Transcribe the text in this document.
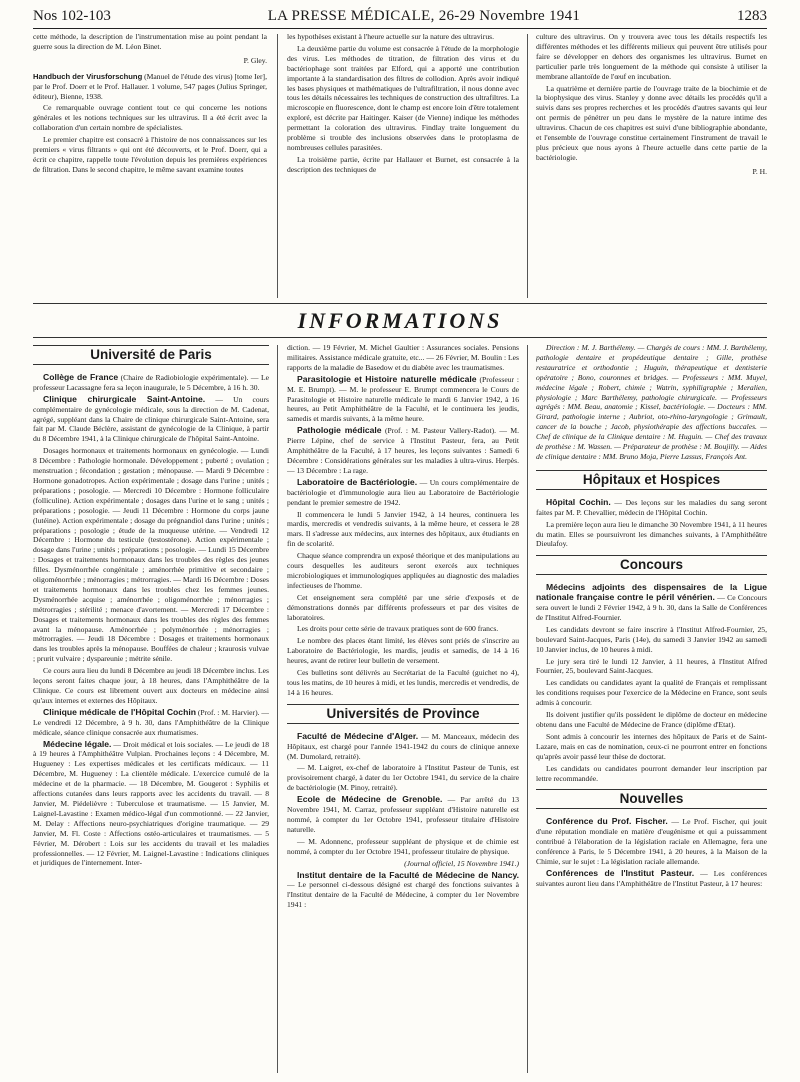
Nos 102-103	LA PRESSE MÉDICALE, 26-29 Novembre 1941	1283

cette méthode, la description de l'instrumentation mise au point pendant la guerre sous la direction de M. Léon Binet.

P. Gley.

Handbuch der Virusforschung (Manuel de l'étude des virus) [tome Ier], par le Prof. Doerr et le Prof. Hallauer. 1 volume, 547 pages (Julius Springer, éditeur), Bienne, 1938.

Ce remarquable ouvrage contient tout ce qui concerne les notions générales et les notions techniques sur les ultravirus. Il a été écrit avec la collaboration d'un certain nombre de spécialistes.

Le premier chapitre est consacré à l'histoire de nos connaissances sur les premiers « virus filtrants » qui ont été découverts, et le Prof. Doerr, qui a écrit ce chapitre, rappelle toute l'évolution depuis les premières expériences de filtration. Dans le second chapitre, le même savant examine toutes

les hypothèses existant à l'heure actuelle sur la nature des ultravirus.

La deuxième partie du volume est consacrée à l'étude de la morphologie des virus. Les méthodes de titration, de filtration des virus et du bactériophage sont traitées par Elford, qui a apporté une contribution importante à la standardisation des filtres de collodion. Après avoir indiqué les bases physiques et mathématiques de l'ultrafiltration, il nous donne avec tous les détails nécessaires les techniques de construction des ultrafiltres. La microscopie en fluorescence, dont le champ est encore loin d'être totalement exploré, est décrite par Haitinger. Kaiser (de Vienne) indique les méthodes permettant la coloration des ultravirus. Findlay traite longuement du problème si trouble des inclusions observées dans le protoplasma de nombreuses cellules parasitées.

La troisième partie, écrite par Hallauer et Burnet, est consacrée à la description des techniques de

culture des ultravirus. On y trouvera avec tous les détails respectifs les différentes méthodes et les différents milieux qui peuvent être utilisés pour faire se développer en dehors des organismes les ultravirus. Burnet en particulier parle très longuement de la méthode qui consiste à utiliser la membrane allantoïde de l'œuf en incubation.

La quatrième et dernière partie de l'ouvrage traite de la biochimie et de la biophysique des virus. Stanley y donne avec détails les procédés qu'il a suivis dans ses propres recherches et les procédés d'autres savants qui leur ont permis de pénétrer un peu dans le mystère de la nature intime des ultravirus. Chacun de ces chapitres est suivi d'une bibliographie abondante, et l'ensemble de l'ouvrage constitue certainement l'instrument de travail le plus précieux que nous ayons à l'heure actuelle dans cette partie de la bactériologie.

P. H.
INFORMATIONS
Université de Paris

Collège de France (Chaire de Radiobiologie expérimentale). — Le professeur Lacassagne fera sa leçon inaugurale, le 5 Décembre, à 16 h. 30.

Clinique chirurgicale Saint-Antoine. — Un cours complémentaire de gynécologie médicale, sous la direction de M. Cadenat, agrégé, suppléant dans la Chaire de clinique chirurgicale Saint-Antoine, sera fait par M. Claude Béclère, assistant de gynécologie de la Clinique, à partir du 8 Décembre 1941, à la Clinique chirurgicale de l'hôpital Saint-Antoine.

Dosages hormonaux et traitements hormonaux en gynécologie. — Lundi 8 Décembre : Pathologie hormonale. Développement ; puberté ; ovulation ; menstruation ; fécondation ; gestation ; ménopause. — Mardi 9 Décembre : Hormone gonadotropes. Action expérimentale ; dosage dans l'urine ; unités ; préparations ; posologie. — Mercredi 10 Décembre : Hormone folliculaire (folliculine). Action expérimentale ; dosages dans l'urine et le sang ; unités ; préparations ; posologie. — Jeudi 11 Décembre : Hormone du corps jaune (lutéine). Action expérimentale ; dosage du prégnandiol dans l'urine ; unités ; préparations ; posologie ; étude de la muqueuse utérine. — Vendredi 12 Décembre : Hormone du testicule (testostérone). Action expérimentale ; dosage dans l'urine ; unités ; préparations ; posologie. — Lundi 15 Décembre : Dosages et traitements hormonaux dans les troubles des règles des jeunes filles. Dysménorrhée congénitale ; aménorrhée primitive et secondaire ; oligoménorrhée ; ménorragies ; métrorragies. — Mardi 16 Décembre : Doses et traitements hormonaux dans les troubles chez les femmes jeunes. Dysménorrhée acquise ; aménorrhée ; oligoménorrhée ; ménorragies ; métrorragies ; stérilité ; menace d'avortement. — Mercredi 17 Décembre : Dosages et traitements hormonaux dans les troubles des règles des femmes avant la ménopause. Aménorrhée ; polyménorrhée ; ménorragies ; métrorragies. — Jeudi 18 Décembre : Dosages et traitements hormonaux dans les troubles après la ménopause. Bouffées de chaleur ; kraurosis vulvae ; prurit vulvaire ; dyspareunie ; métrite sénile.

Ce cours aura lieu du lundi 8 Décembre au jeudi 18 Décembre inclus. Les leçons seront faites chaque jour, à 18 heures, dans l'Amphithéâtre de la Clinique. Ce cours est librement ouvert aux docteurs en médecine ainsi qu'aux internes et externes des Hôpitaux.

Clinique médicale de l'Hôpital Cochin (Prof. : M. Harvier). — Le vendredi 12 Décembre, à 9 h. 30, dans l'Amphithéâtre de la Clinique médicale, séance clinique consacrée aux rhumatismes.

Médecine légale. — Droit médical et lois sociales. — Le jeudi de 18 à 19 heures à l'Amphithéâtre Vulpian. Prochaines leçons : 4 Décembre, M. Hugueney : Les expertises médicales et les certificats médicaux. — 11 Décembre, M. Hugueney : La clientèle médicale. L'exercice cumulé de la médecine et de la pharmacie. — 18 Décembre, M. Gougerot : Syphilis et affections cutanées dans leurs rapports avec les accidents du travail. — 8 Janvier, M. Piédelièvre : Tuberculose et traumatisme. — 15 Janvier, M. Laignel-Lavastine : Examen médico-légal d'un commotionné. — 22 Janvier, M. Delay : Affections neuro-psychiatriques d'origine traumatique. — 29 Janvier, M. Fl. Coste : Affections ostéo-articulaires et traumatismes. — 5 Février, M. Dérobert : Lois sur les accidents du travail et les maladies professionnelles. — 12 Février, M. Laignel-Lavastine : Indications cliniques et juridiques de l'internement. Inter-

diction. — 19 Février, M. Michel Gaultier : Assurances sociales. Pensions militaires. Assistance médicale gratuite, etc... — 26 Février, M. Boulin : Les rapports de la maladie de Basedow et du diabète avec les traumatismes.

Parasitologie et Histoire naturelle médicale (Professeur : M. E. Brumpt). — M. le professeur E. Brumpt commencera le Cours de Parasitologie et Histoire naturelle médicale le mardi 6 Janvier 1942, à 16 heures, au Petit Amphithéâtre de la Faculté, et le continuera les jeudis, samedis et mardis suivants, à la même heure.

Pathologie médicale (Prof. : M. Pasteur Vallery-Radot). — M. Pierre Lépine, chef de service à l'Institut Pasteur, fera, au Petit Amphithéâtre de la Faculté, à 17 heures, les leçons suivantes : Samedi 6 Décembre : Considérations générales sur les maladies à ultra-virus. Herpès. — 13 Décembre : La rage.

Laboratoire de Bactériologie. — Un cours complémentaire de bactériologie et d'immunologie aura lieu au Laboratoire de Bactériologie pendant le premier semestre de 1942.

Il commencera le lundi 5 Janvier 1942, à 14 heures, continuera les mardis, mercredis et vendredis suivants, à la même heure, et cessera le 28 mars. Il s'adresse aux médecins, aux internes des hôpitaux, aux étudiants en fin de scolarité.

Chaque séance comprendra un exposé théorique et des manipulations au cours desquelles les auditeurs seront exercés aux techniques microbiologiques et immunologiques appliquées au diagnostic des maladies infectieuses de l'homme.

Cet enseignement sera complété par une série d'exposés et de démonstrations donnés par différents professeurs et par des visites de laboratoires.

Les droits pour cette série de travaux pratiques sont de 600 francs.

Le nombre des places étant limité, les élèves sont priés de s'inscrire au Laboratoire de Bactériologie, les mardis, jeudis et samedis, de 14 à 16 heures, avant de retirer leur bulletin de versement.

Ces bulletins sont délivrés au Secrétariat de la Faculté (guichet no 4), tous les matins, de 10 heures à midi, et les lundis, mercredis et vendredis, de 14 à 16 heures.

Universités de Province

Faculté de Médecine d'Alger. — M. Manceaux, médecin des Hôpitaux, est chargé pour l'année 1941-1942 du cours de clinique annexe (M. Dumolard, retraité).

— M. Laigret, ex-chef de laboratoire à l'Institut Pasteur de Tunis, est provisoirement chargé, à dater du 1er Octobre 1941, du service de la chaire de bactériologie (M. Pinoy, retraité).

Ecole de Médecine de Grenoble. — Par arrêté du 13 Novembre 1941, M. Carraz, professeur suppléant d'Histoire naturelle est nommé, à compter du 1er Octobre 1941, professeur titulaire d'Histoire naturelle.

— M. Adonnenc, professeur suppléant de physique et de chimie est nommé, à compter du 1er Octobre 1941, professeur titulaire de physique.

(Journal officiel, 15 Novembre 1941.)

Institut dentaire de la Faculté de Médecine de Nancy. — Le personnel ci-dessous désigné est chargé des fonctions suivantes à l'Institut dentaire de la Faculté de Médecine, à compter du 1er Novembre 1941 :

Direction : M. J. Barthélemy. — Chargés de cours : MM. J. Barthélemy, pathologie dentaire et propédeutique dentaire ; Gille, prothèse restauratrice et orthodontie ; Huguin, thérapeutique et dentisterie opératoire ; Bono, couronnes et bridges. — Professeurs : MM. Muyel, médecine légale ; Robert, chimie ; Watrin, syphiligraphie ; Meralien, physiologie ; Marc Barthélemy, pathologie chirurgicale. — Professeurs agrégés : MM. Beau, anatomie ; Kissel, bactériologie. — Docteurs : MM. Girard, pathologie interne ; Aubriot, oto-rhino-laryngologie ; Grimault, cancer de la bouche ; Jacob, physiothérapie des affections buccales. — Chef de clinique de la Clinique dentaire : M. Huguin. — Chef des travaux de prothèse : M. Wassen. — Préparateur de prothèse : M. Boujilly. — Aides de clinique dentaire : MM. Bruno Moja, Pierre Lassus, François Ant.

Hôpitaux et Hospices

Hôpital Cochin. — Des leçons sur les maladies du sang seront faites par M. P. Chevallier, médecin de l'Hôpital Cochin.

La première leçon aura lieu le dimanche 30 Novembre 1941, à 11 heures du matin. Elles se poursuivront les dimanches suivants, à l'Amphithéâtre Dieulafoy.

Concours

Médecins adjoints des dispensaires de la Ligue nationale française contre le péril vénérien. — Ce Concours sera ouvert le lundi 2 Février 1942, à 9 h. 30, dans la Salle de Conférences de l'Institut Alfred-Fournier.

Les candidats devront se faire inscrire à l'Institut Alfred-Fournier, 25, boulevard Saint-Jacques, Paris (14e), du samedi 3 Janvier 1942 au samedi 10 Janvier inclus, de 10 heures à midi.

Le jury sera tiré le lundi 12 Janvier, à 11 heures, à l'Institut Alfred Fournier, 25, boulevard Saint-Jacques.

Les candidats ou candidates ayant la qualité de Français et remplissant les conditions requises pour l'exercice de la Médecine en France, sont seuls admis à concourir.

Ils doivent justifier qu'ils possèdent le diplôme de docteur en médecine obtenu dans une Faculté de Médecine de France (diplôme d'Etat).

Sont admis à concourir les internes des hôpitaux de Paris et de Saint-Lazare, mais en cas de nomination, ceux-ci ne pourront entrer en fonctions qu'après avoir passé leur thèse de doctorat.

Les candidats ou candidates pourront demander leur inscription par lettre recommandée.

Nouvelles

Conférence du Prof. Fischer. — Le Prof. Fischer, qui jouit d'une réputation mondiale en matière d'eugénisme et qui a puissamment contribué à l'élaboration de la législation raciale en Allemagne, fera une conférence à Paris, le 5 Décembre 1941, à 20 heures, à la Maison de la Chimie, sur le sujet : La législation raciale allemande.

Conférences de l'Institut Pasteur. — Les conférences suivantes auront lieu dans l'Amphithéâtre de l'Institut Pasteur, à 17 heures:
